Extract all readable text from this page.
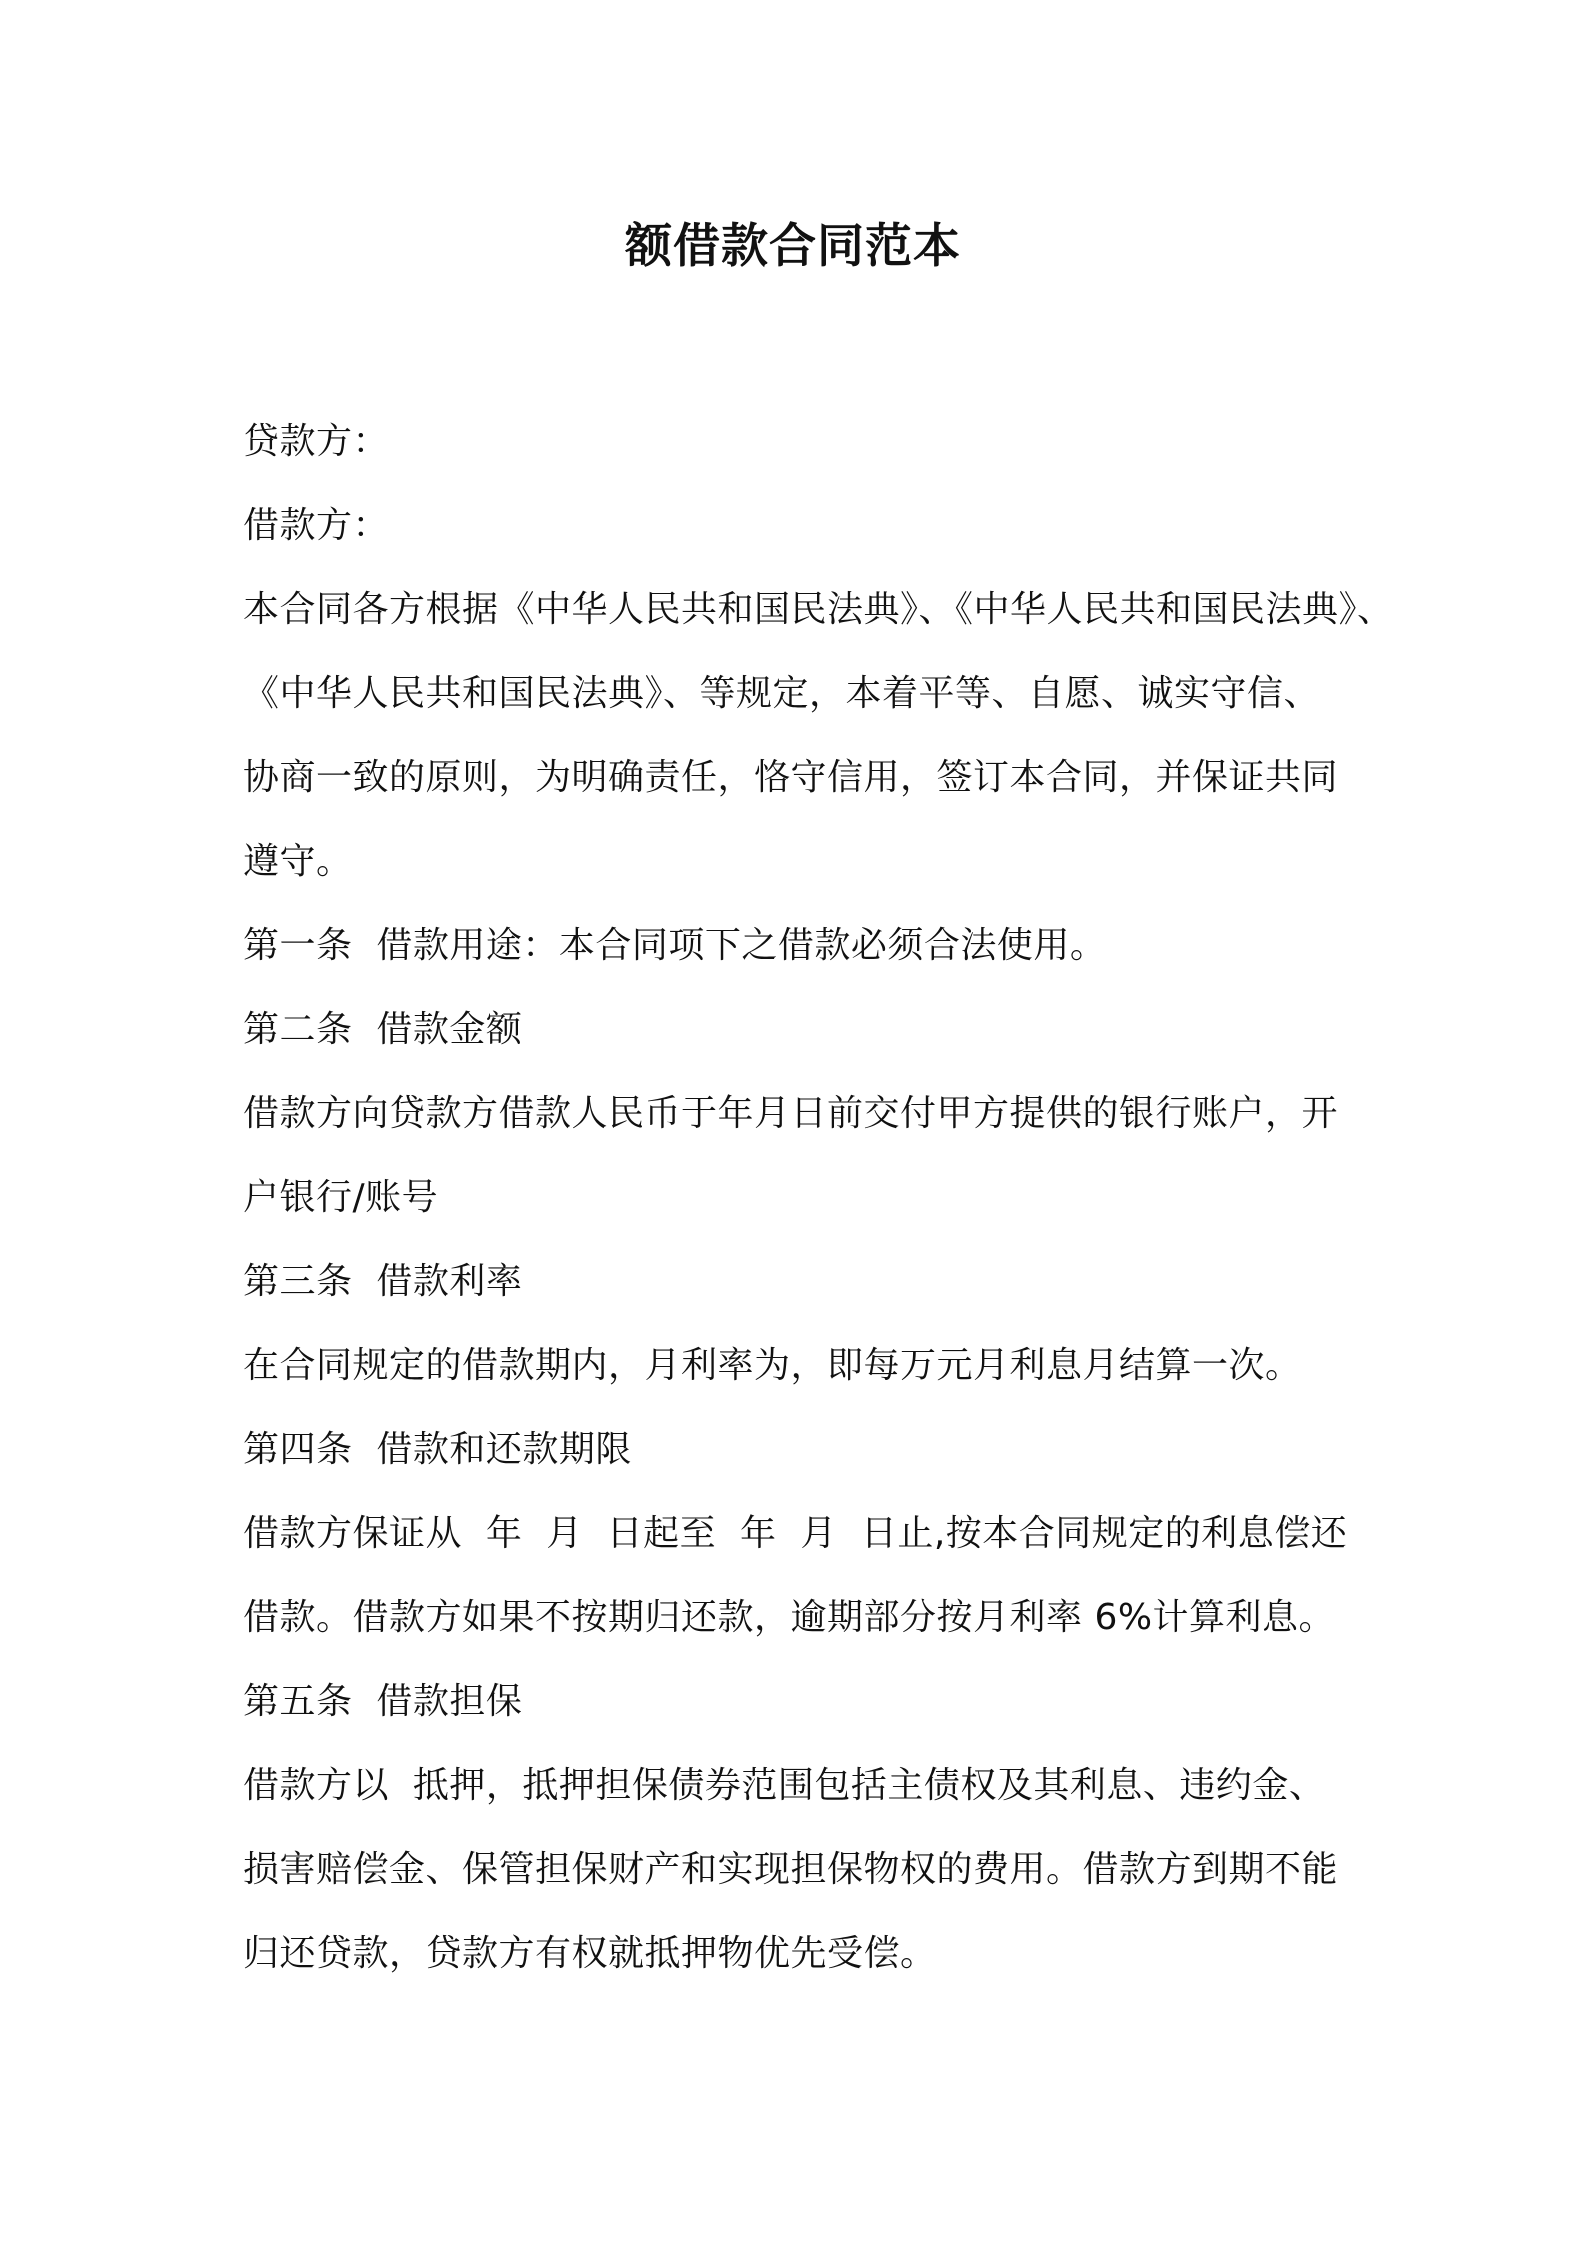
额借款合同范本
贷款方：
借款方：
本合同各方根据《中华人民共和国民法典》、《中华人民共和国民法典》、
《中华人民共和国民法典》、等规定，本着平等、自愿、诚实守信、
协商一致的原则，为明确责任，恪守信用，签订本合同，并保证共同
遵守。
第一条  借款用途：本合同项下之借款必须合法使用。
第二条  借款金额
借款方向贷款方借款人民币于年月日前交付甲方提供的银行账户，开
户银行/账号
第三条  借款利率
在合同规定的借款期内，月利率为，即每万元月利息月结算一次。
第四条  借款和还款期限
借款方保证从  年  月  日起至  年  月  日止,按本合同规定的利息偿还
借款。借款方如果不按期归还款，逾期部分按月利率 6%计算利息。
第五条  借款担保
借款方以  抵押，抵押担保债券范围包括主债权及其利息、违约金、
损害赔偿金、保管担保财产和实现担保物权的费用。借款方到期不能
归还贷款，贷款方有权就抵押物优先受偿。
